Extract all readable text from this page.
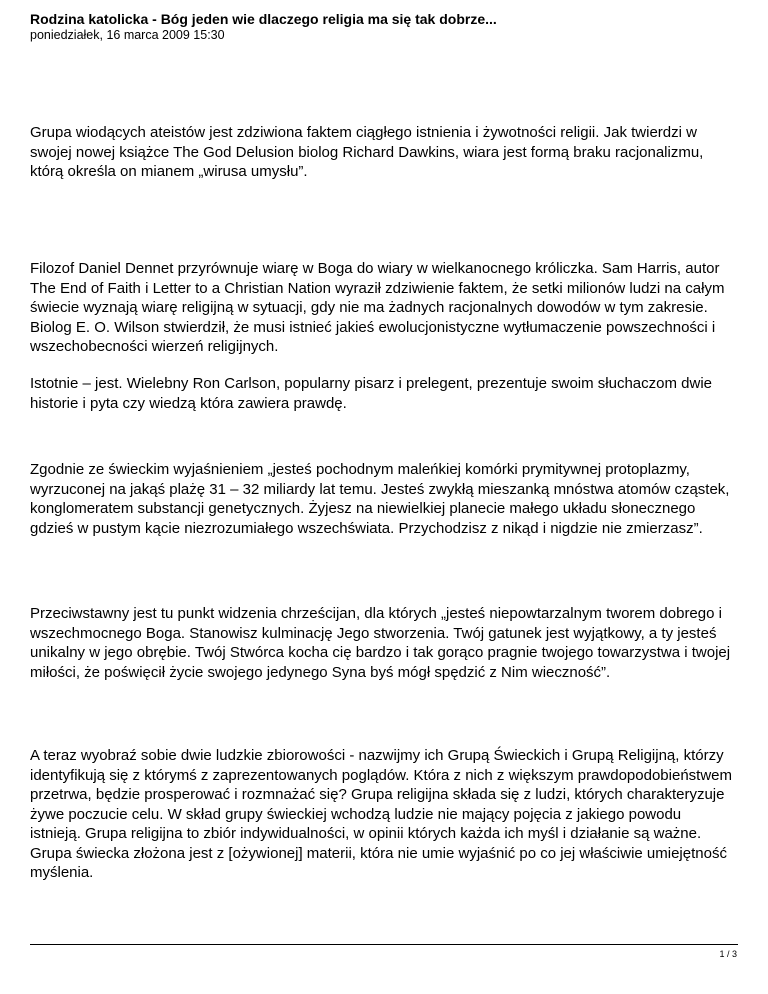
Rodzina katolicka - Bóg jeden wie dlaczego religia ma się tak dobrze...
poniedziałek, 16 marca 2009 15:30

Grupa wiodących ateistów jest zdziwiona faktem ciągłego istnienia i żywotności religii. Jak twierdzi w swojej nowej książce The God Delusion biolog Richard Dawkins, wiara jest formą braku racjonalizmu, którą określa on mianem „wirusa umysłu”.

Filozof Daniel Dennet przyrównuje wiarę w Boga do wiary w wielkanocnego króliczka. Sam Harris, autor The End of Faith i Letter to a Christian Nation wyraził zdziwienie faktem, że setki milionów ludzi na całym świecie wyznają wiarę religijną w sytuacji, gdy nie ma żadnych racjonalnych dowodów w tym zakresie. Biolog E. O. Wilson stwierdził, że musi istnieć jakieś ewolucjonistyczne wytłumaczenie powszechności i wszechobecności wierzeń religijnych.

Istotnie – jest. Wielebny Ron Carlson, popularny pisarz i prelegent, prezentuje swoim słuchaczom dwie historie i pyta czy wiedzą która zawiera prawdę.

Zgodnie ze świeckim wyjaśnieniem „jesteś pochodnym maleńkiej komórki prymitywnej protoplazmy, wyrzuconej na jakąś plażę 31 – 32 miliardy lat temu. Jesteś zwykłą mieszanką mnóstwa atomów cząstek, konglomeratem substancji genetycznych. Żyjesz na niewielkiej planecie małego układu słonecznego gdzieś w pustym kącie niezrozumiałego wszechświata. Przychodzisz z nikąd i nigdzie nie zmierzasz”.

Przeciwstawny jest tu punkt widzenia chrześcijan, dla których „jesteś niepowtarzalnym tworem dobrego i wszechmocnego Boga. Stanowisz kulminację Jego stworzenia. Twój gatunek jest wyjątkowy, a ty jesteś unikalny w jego obrębie. Twój Stwórca kocha cię bardzo i tak gorąco pragnie twojego towarzystwa i twojej miłości, że poświęcił życie swojego jedynego Syna byś mógł spędzić z Nim wieczność”.

A teraz wyobraź sobie dwie ludzkie zbiorowości - nazwijmy ich Grupą Świeckich i Grupą Religijną, którzy identyfikują się z którymś z zaprezentowanych poglądów. Która z nich z większym prawdopodobieństwem przetrwa, będzie prosperować i rozmnażać się? Grupa religijna składa się z ludzi, których charakteryzuje żywe poczucie celu. W skład grupy świeckiej wchodzą ludzie nie mający pojęcia z jakiego powodu istnieją. Grupa religijna to zbiór indywidualności, w opinii których każda ich myśl i działanie są ważne. Grupa świecka złożona jest z [ożywionej] materii, która nie umie wyjaśnić po co jej właściwie umiejętność myślenia.

1 / 3
